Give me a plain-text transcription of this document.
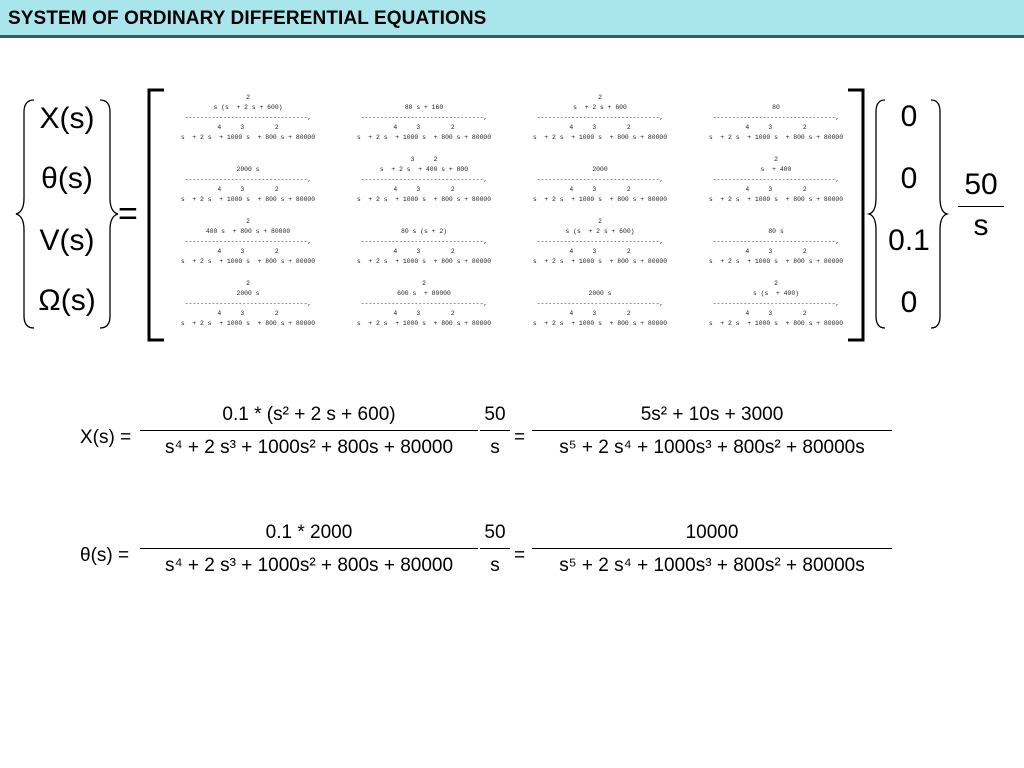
SYSTEM OF ORDINARY DIFFERENTIAL EQUATIONS
X(s)
θ(s)
V(s)
Ω(s)
=
2
s (s  + 2 s + 600)
--------------------------------,
4     3        2
s  + 2 s  + 1000 s  + 800 s + 80000
80 s + 160
--------------------------------,
4     3        2
s  + 2 s  + 1000 s  + 800 s + 80000
2
s  + 2 s + 600
--------------------------------,
4     3        2
s  + 2 s  + 1000 s  + 800 s + 80000
80
--------------------------------,
4     3        2
s  + 2 s  + 1000 s  + 800 s + 80000
2000 s
--------------------------------,
4     3        2
s  + 2 s  + 1000 s  + 800 s + 80000
3     2
s  + 2 s  + 400 s + 800
--------------------------------,
4     3        2
s  + 2 s  + 1000 s  + 800 s + 80000
2000
--------------------------------,
4     3        2
s  + 2 s  + 1000 s  + 800 s + 80000
2
s  + 400
--------------------------------,
4     3        2
s  + 2 s  + 1000 s  + 800 s + 80000
2
400 s  + 800 s + 80000
--------------------------------,
4     3        2
s  + 2 s  + 1000 s  + 800 s + 80000
80 s (s + 2)
--------------------------------,
4     3        2
s  + 2 s  + 1000 s  + 800 s + 80000
2
s (s  + 2 s + 600)
--------------------------------,
4     3        2
s  + 2 s  + 1000 s  + 800 s + 80000
80 s
--------------------------------,
4     3        2
s  + 2 s  + 1000 s  + 800 s + 80000
2
2000 s
--------------------------------,
4     3        2
s  + 2 s  + 1000 s  + 800 s + 80000
2
600 s  + 80000
--------------------------------,
4     3        2
s  + 2 s  + 1000 s  + 800 s + 80000
2000 s
--------------------------------,
4     3        2
s  + 2 s  + 1000 s  + 800 s + 80000
2
s (s  + 400)
--------------------------------,
4     3        2
s  + 2 s  + 1000 s  + 800 s + 80000
0
0
0.1
0
50
s
X(s) =
0.1 * (s² + 2 s + 600)
s⁴ + 2 s³ + 1000s² + 800s + 80000
50
s =
5s² + 10s + 3000
s⁵ + 2 s⁴ + 1000s³ + 800s² + 80000s
θ(s) =
0.1 * 2000
s⁴ + 2 s³ + 1000s² + 800s + 80000
50
s =
10000
s⁵ + 2 s⁴ + 1000s³ + 800s² + 80000s
